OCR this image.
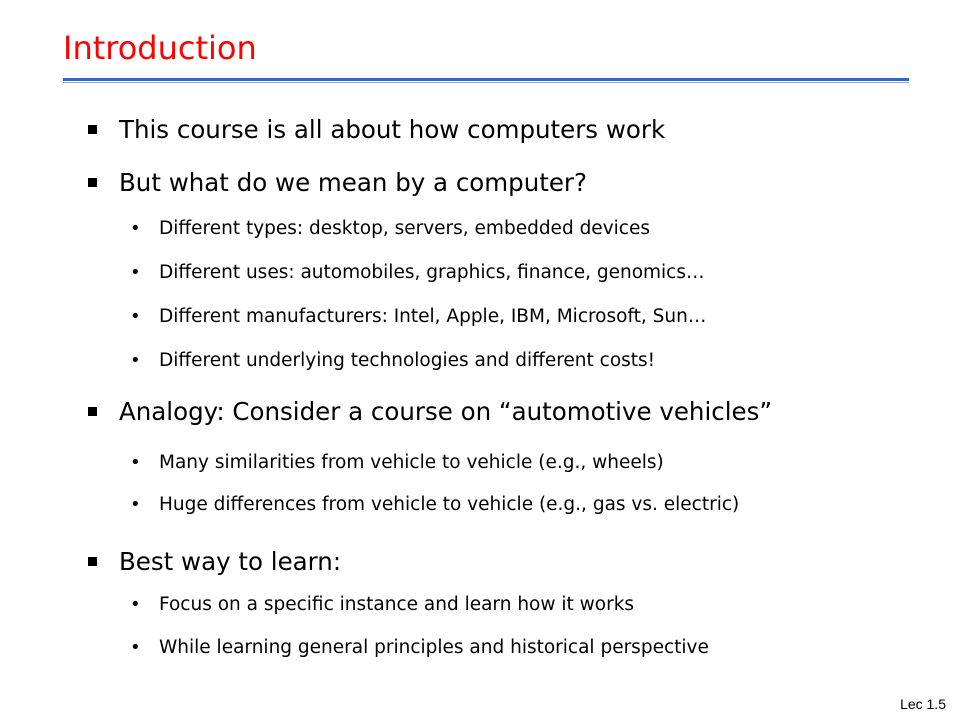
Introduction
This course is all about how computers work
But what do we mean by a computer?
• Different types: desktop, servers, embedded devices
• Different uses: automobiles, graphics, finance, genomics…
• Different manufacturers: Intel, Apple, IBM, Microsoft, Sun…
• Different underlying technologies and different costs!
Analogy: Consider a course on “automotive vehicles”
• Many similarities from vehicle to vehicle (e.g., wheels)
• Huge differences from vehicle to vehicle (e.g., gas vs. electric)
Best way to learn:
• Focus on a specific instance and learn how it works
• While learning general principles and historical perspective
Lec 1.5
